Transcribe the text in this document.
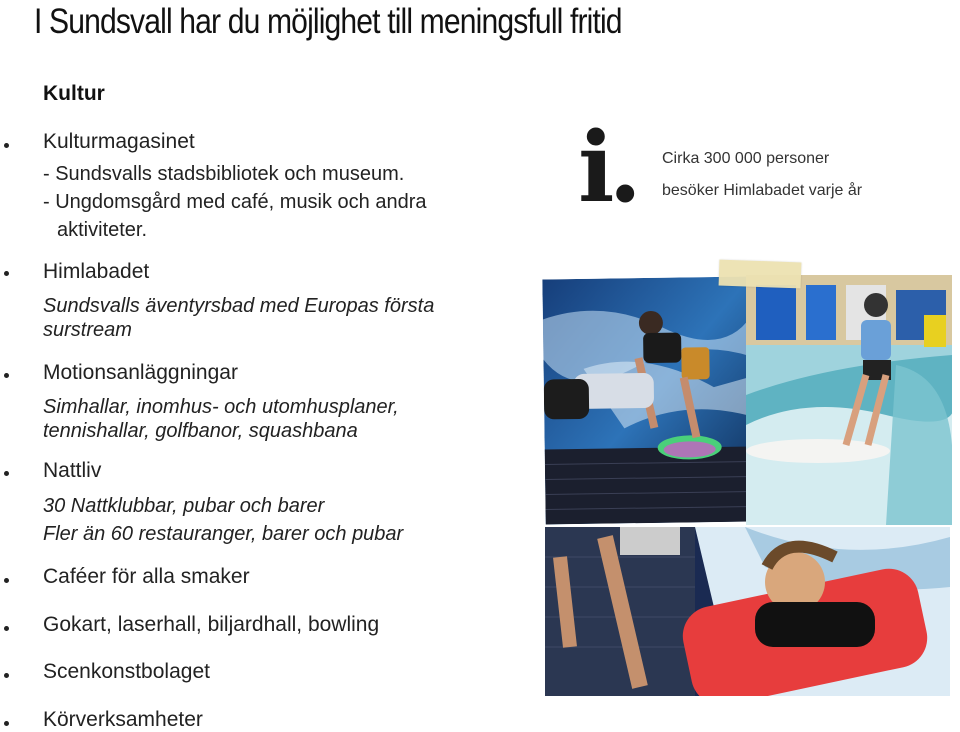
I Sundsvall har du möjlighet till meningsfull fritid
Kultur
Kulturmagasinet
- Sundsvalls stadsbibliotek och museum.
- Ungdomsgård med café, musik och andra
aktiviteter.
Himlabadet
Sundsvalls äventyrsbad med Europas första
surstream
Motionsanläggningar
Simhallar, inomhus- och utomhusplaner,
tennishallar, golfbanor, squashbana
Nattliv
30 Nattklubbar, pubar och barer
Fler än 60 restauranger, barer och pubar
Caféer för alla smaker
Gokart, laserhall, biljardhall, bowling
Scenkonstbolaget
Körverksamheter
i. Cirka 300 000 personer
besöker Himlabadet varje år
